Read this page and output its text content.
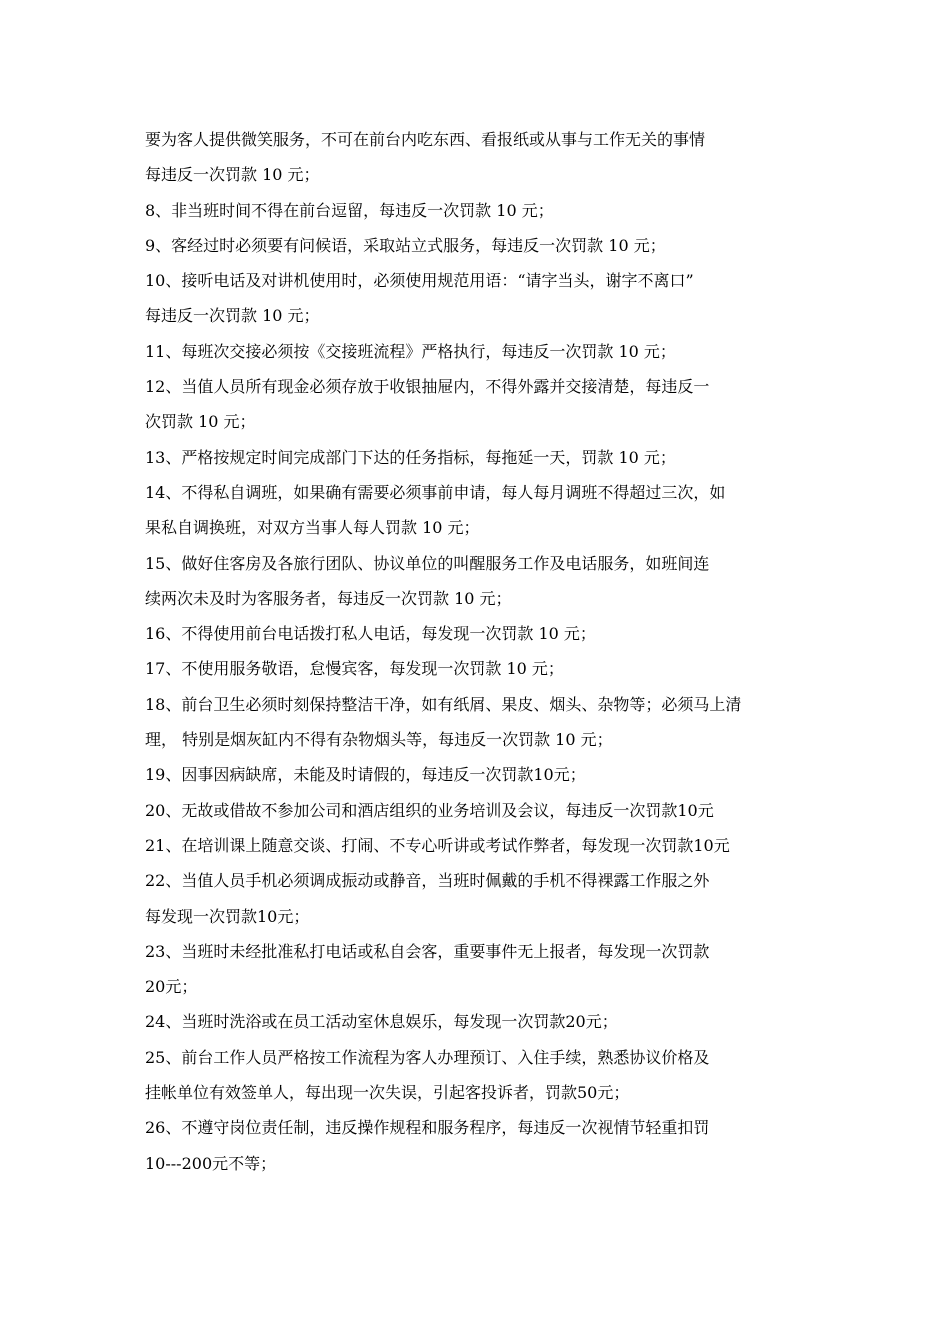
要为客人提供微笑服务，不可在前台内吃东西、看报纸或从事与工作无关的事情
每违反一次罚款 10 元；
8、非当班时间不得在前台逗留，每违反一次罚款 10 元；
9、客经过时必须要有问候语，采取站立式服务，每违反一次罚款 10 元；
10、接听电话及对讲机使用时，必须使用规范用语：“请字当头，谢字不离口”
每违反一次罚款 10 元；
11、每班次交接必须按《交接班流程》严格执行，每违反一次罚款 10 元；
12、当值人员所有现金必须存放于收银抽屉内，不得外露并交接清楚，每违反一
次罚款 10 元；
13、严格按规定时间完成部门下达的任务指标，每拖延一天，罚款 10 元；
14、不得私自调班，如果确有需要必须事前申请，每人每月调班不得超过三次，如
果私自调换班，对双方当事人每人罚款 10 元；
15、做好住客房及各旅行团队、协议单位的叫醒服务工作及电话服务，如班间连
续两次未及时为客服务者，每违反一次罚款 10 元；
16、不得使用前台电话拨打私人电话，每发现一次罚款 10 元；
17、不使用服务敬语，怠慢宾客，每发现一次罚款 10 元；
18、前台卫生必须时刻保持整洁干净，如有纸屑、果皮、烟头、杂物等；必须马上清
理， 特别是烟灰缸内不得有杂物烟头等，每违反一次罚款 10 元；
19、因事因病缺席，未能及时请假的，每违反一次罚款10元；
20、无故或借故不参加公司和酒店组织的业务培训及会议，每违反一次罚款10元
21、在培训课上随意交谈、打闹、不专心听讲或考试作弊者，每发现一次罚款10元
22、当值人员手机必须调成振动或静音，当班时佩戴的手机不得裸露工作服之外
每发现一次罚款10元；
23、当班时未经批准私打电话或私自会客，重要事件无上报者，每发现一次罚款
20元；
24、当班时洗浴或在员工活动室休息娱乐，每发现一次罚款20元；
25、前台工作人员严格按工作流程为客人办理预订、入住手续，熟悉协议价格及
挂帐单位有效签单人，每出现一次失误，引起客投诉者，罚款50元；
26、不遵守岗位责任制，违反操作规程和服务程序，每违反一次视情节轻重扣罚
10---200元不等；
